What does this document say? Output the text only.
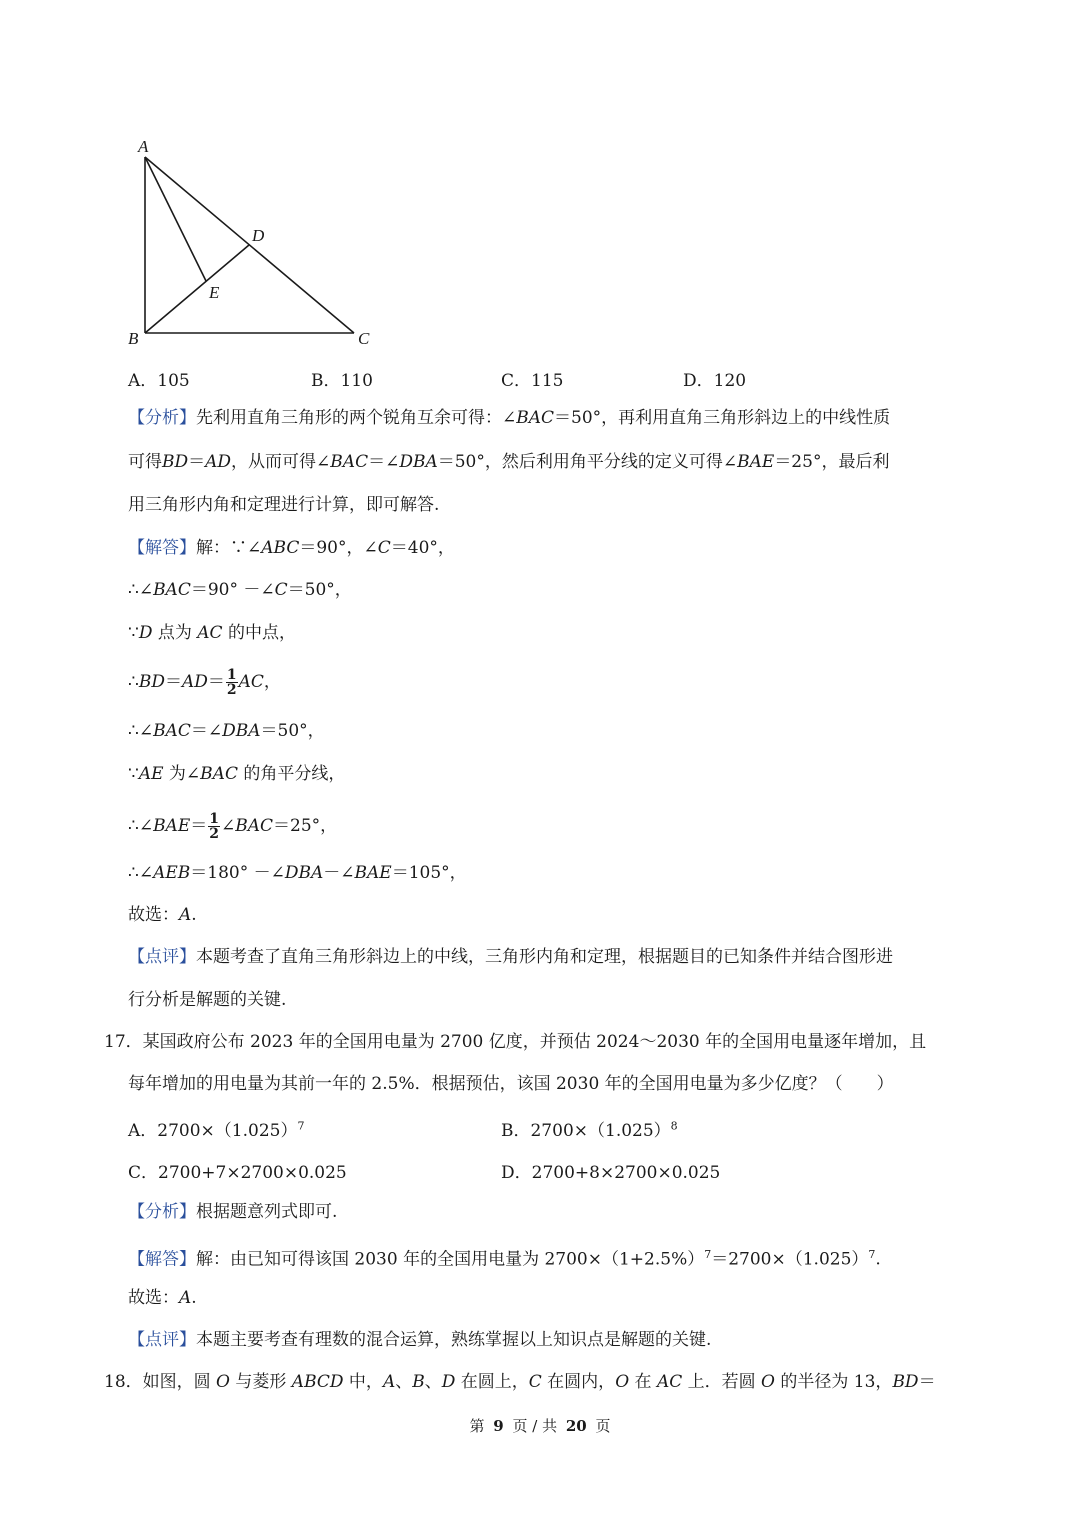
A
B	C
D
E
A．105	B．110	C．115	D．120
【分析】先利用直角三角形的两个锐角互余可得：∠BAC＝50°，再利用直角三角形斜边上的中线性质
可得BD＝AD，从而可得∠BAC＝∠DBA＝50°，然后利用角平分线的定义可得∠BAE＝25°，最后利
用三角形内角和定理进行计算，即可解答.
【解答】解：∵∠ABC＝90°，∠C＝40°，
∴∠BAC＝90° －∠C＝50°，
∵D 点为 AC 的中点，
∴BD＝AD＝ $\frac{1}{2}$ AC，
∴∠BAC＝∠DBA＝50°，
∵AE 为∠BAC 的角平分线，
∴∠BAE＝ $\frac{1}{2}$ ∠BAC＝25°，
∴∠AEB＝180° －∠DBA－∠BAE＝105°，
故选：A.
【点评】本题考查了直角三角形斜边上的中线，三角形内角和定理，根据题目的已知条件并结合图形进
行分析是解题的关键.
17．某国政府公布 2023 年的全国用电量为 2700 亿度，并预估 2024～2030 年的全国用电量逐年增加，且
每年增加的用电量为其前一年的 2.5%．根据预估，该国 2030 年的全国用电量为多少亿度？（　　）
A．$2700\times(1.025)^7$	B．$2700\times(1.025)^8$
C．2700+7×2700×0.025	D．2700+8×2700×0.025
【分析】根据题意列式即可.
【解答】解：由已知可得该国 2030 年的全国用电量为 $2700\times(1+2.5\%)^7=2700\times(1.025)^7$.
故选：A.
【点评】本题主要考查有理数的混合运算，熟练掌握以上知识点是解题的关键.
18．如图，圆 O 与菱形 ABCD 中，A、B、D 在圆上，C 在圆内，O 在 AC 上．若圆 O 的半径为 13，BD＝
第 9 页 / 共 20 页
